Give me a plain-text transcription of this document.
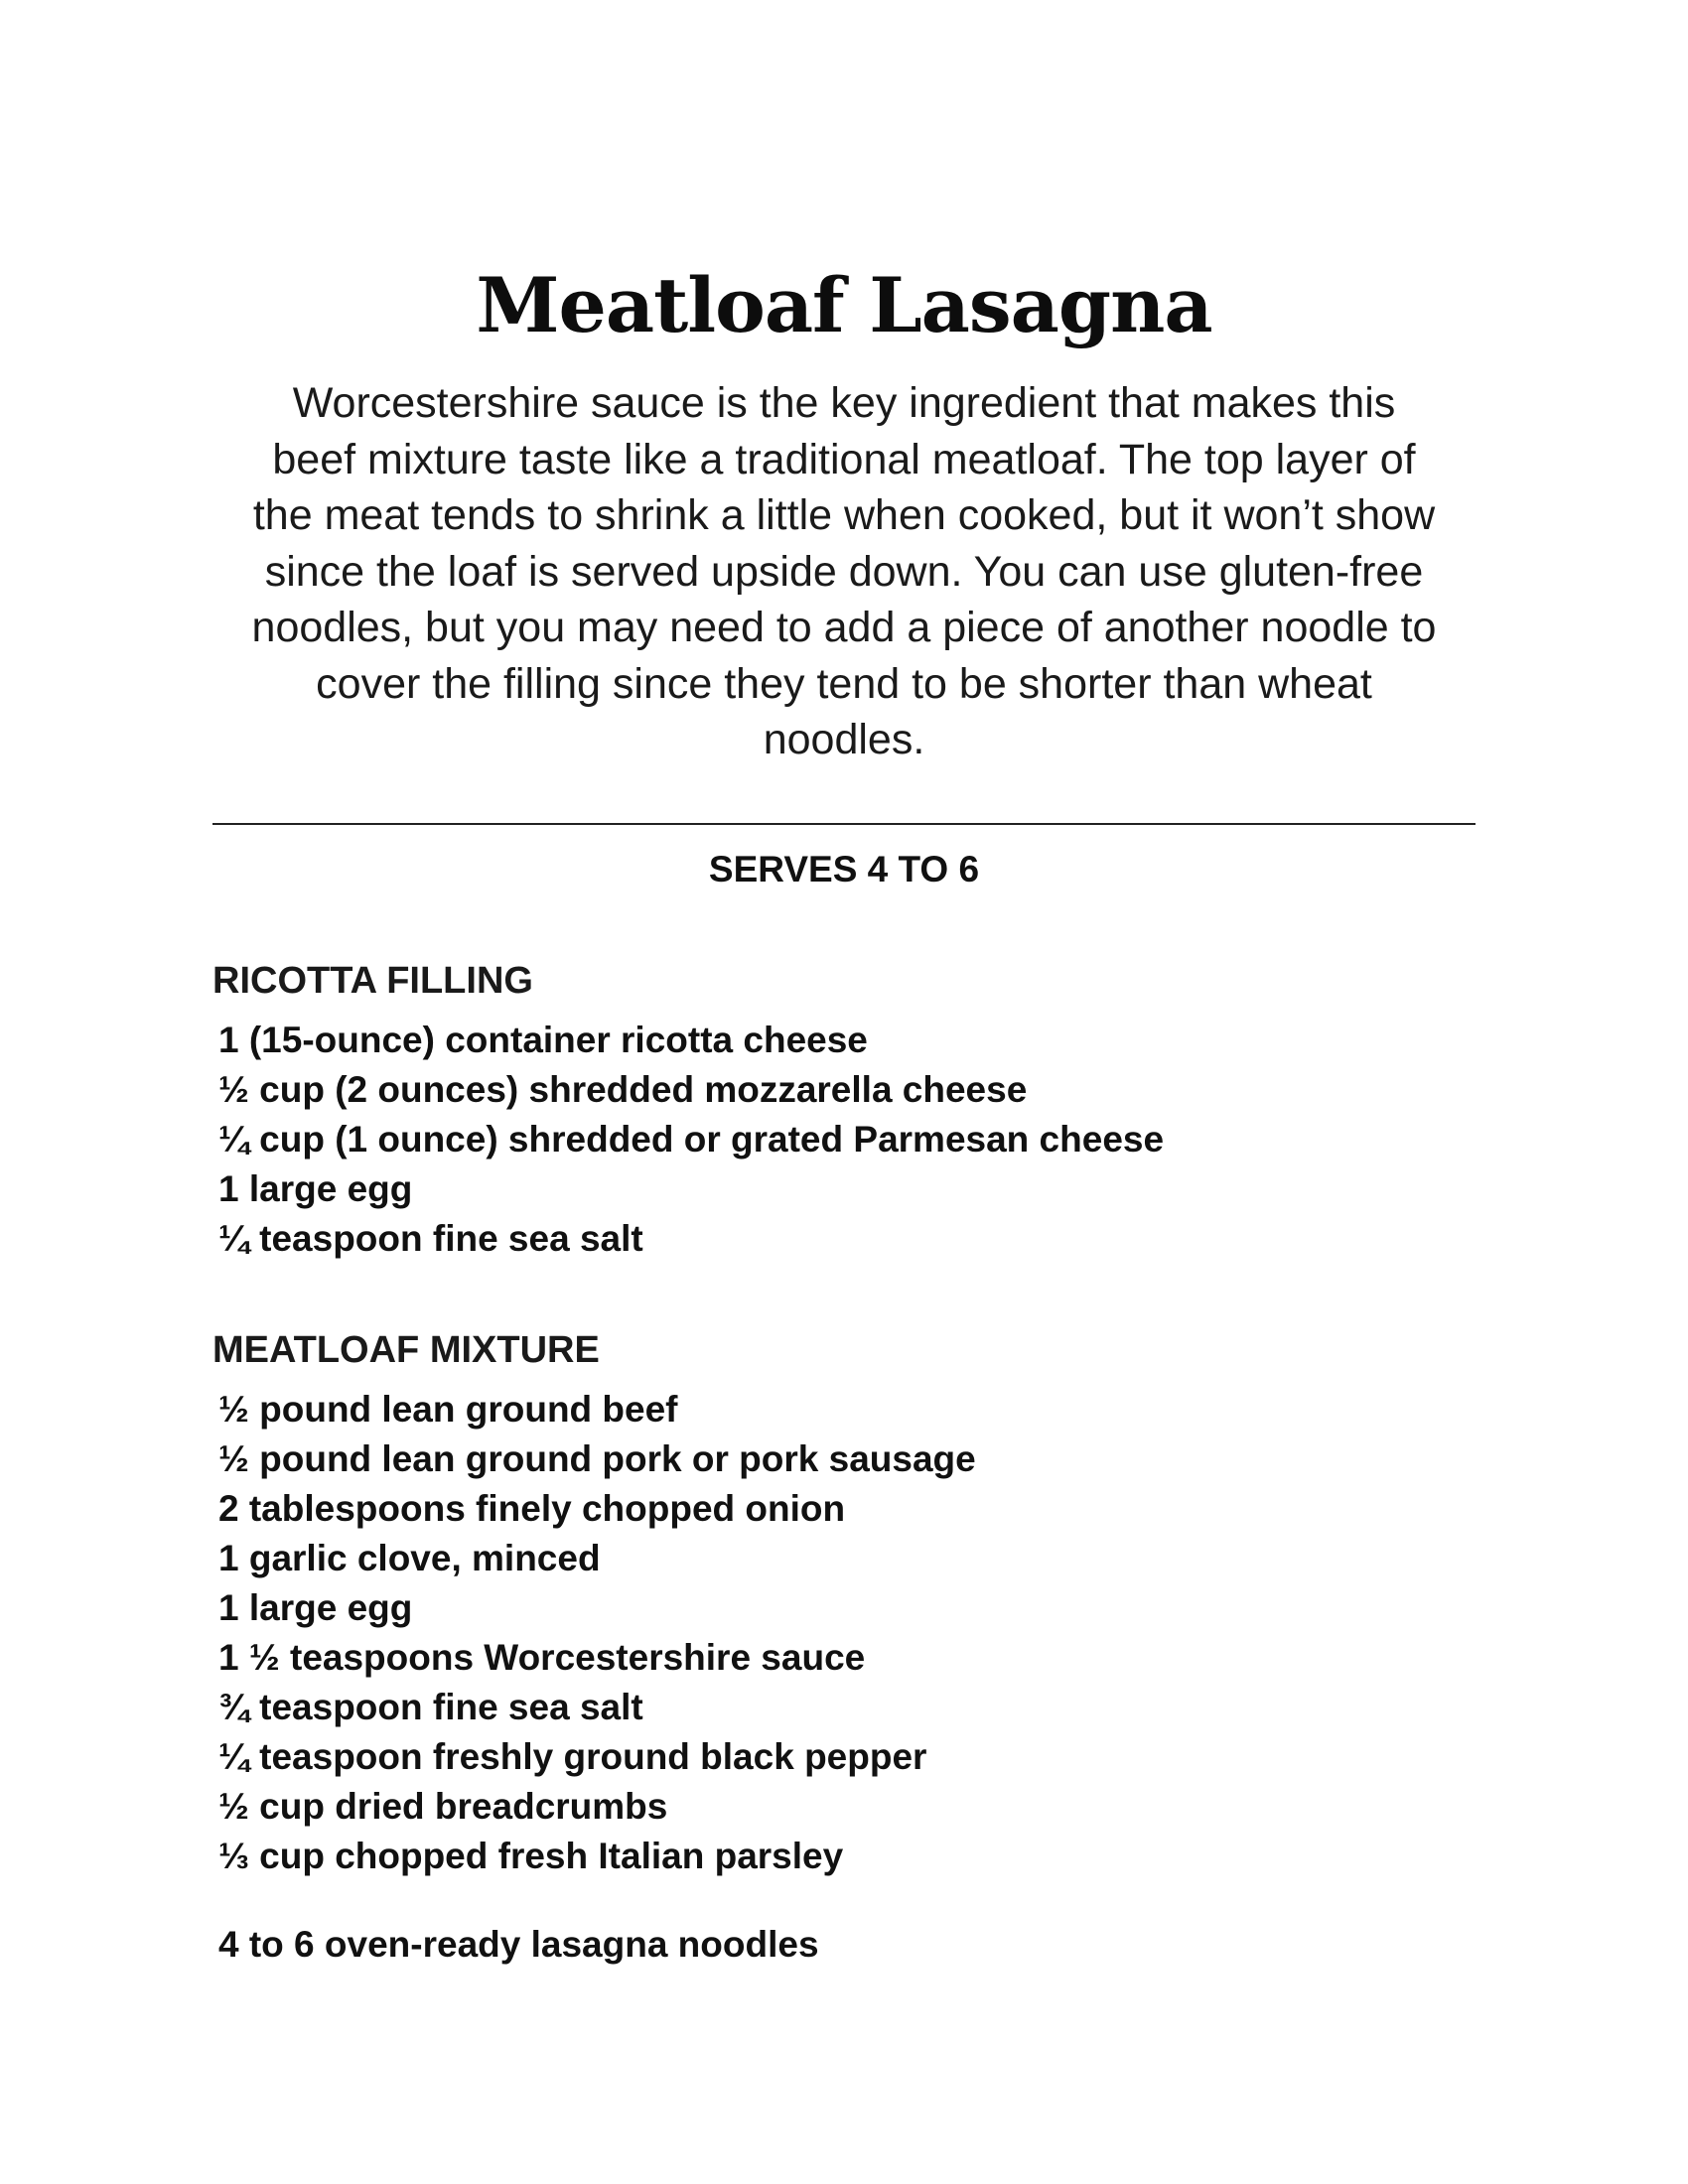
Meatloaf Lasagna

Worcestershire sauce is the key ingredient that makes this beef mixture taste like a traditional meatloaf. The top layer of the meat tends to shrink a little when cooked, but it won’t show since the loaf is served upside down. You can use gluten-free noodles, but you may need to add a piece of another noodle to cover the filling since they tend to be shorter than wheat noodles.

SERVES 4 TO 6

RICOTTA FILLING
1 (15-ounce) container ricotta cheese
½ cup (2 ounces) shredded mozzarella cheese
¼ cup (1 ounce) shredded or grated Parmesan cheese
1 large egg
¼ teaspoon fine sea salt
MEATLOAF MIXTURE
½ pound lean ground beef
½ pound lean ground pork or pork sausage
2 tablespoons finely chopped onion
1 garlic clove, minced
1 large egg
1 ½ teaspoons Worcestershire sauce
¾ teaspoon fine sea salt
¼ teaspoon freshly ground black pepper
½ cup dried breadcrumbs
⅓ cup chopped fresh Italian parsley

4 to 6 oven-ready lasagna noodles
